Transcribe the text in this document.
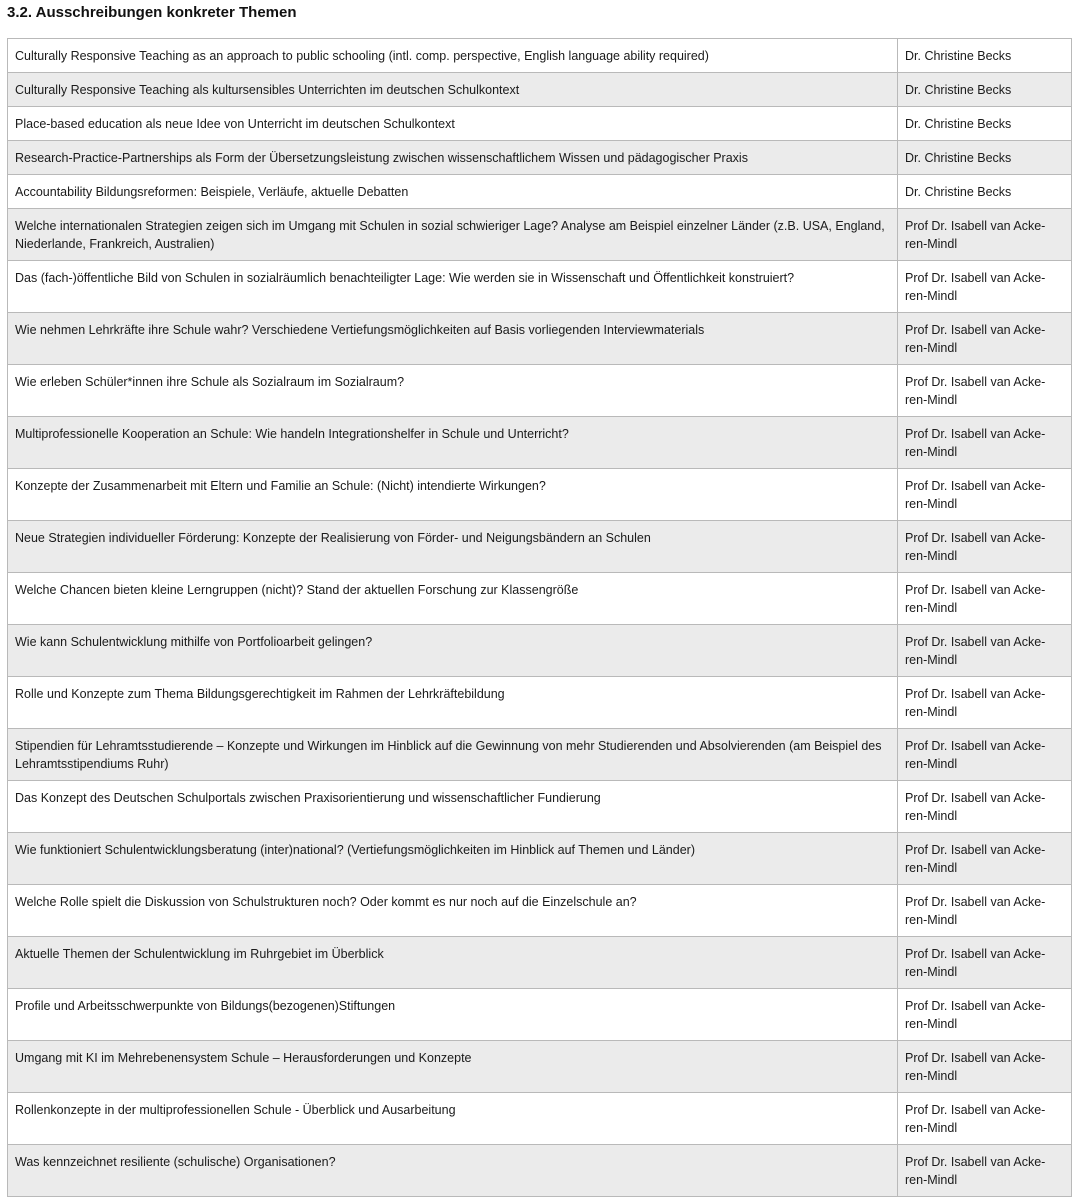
3.2. Ausschreibungen konkreter Themen
Culturally Responsive Teaching as an approach to public schooling (intl. comp. perspective, English language ability required)	Dr. Christine Becks
Culturally Responsive Teaching als kultursensibles Unterrichten im deutschen Schulkontext	Dr. Christine Becks
Place-based education als neue Idee von Unterricht im deutschen Schulkontext	Dr. Christine Becks
Research-Practice-Partnerships als Form der Übersetzungsleistung zwischen wissenschaftlichem Wissen und pädagogischer Praxis	Dr. Christine Becks
Accountability Bildungsreformen: Beispiele, Verläufe, aktuelle Debatten	Dr. Christine Becks
Welche internationalen Strategien zeigen sich im Umgang mit Schulen in sozial schwieriger Lage? Analyse am Beispiel einzelner Länder (z.B. USA, England, Niederlande, Frankreich, Australien)	Prof Dr. Isabell van Acke-ren-Mindl
Das (fach-)öffentliche Bild von Schulen in sozialräumlich benachteiligter Lage: Wie werden sie in Wissenschaft und Öffentlichkeit konstruiert?	Prof Dr. Isabell van Acke-ren-Mindl
Wie nehmen Lehrkräfte ihre Schule wahr? Verschiedene Vertiefungsmöglichkeiten auf Basis vorliegenden Interviewmaterials	Prof Dr. Isabell van Acke-ren-Mindl
Wie erleben Schüler*innen ihre Schule als Sozialraum im Sozialraum?	Prof Dr. Isabell van Acke-ren-Mindl
Multiprofessionelle Kooperation an Schule: Wie handeln Integrationshelfer in Schule und Unterricht?	Prof Dr. Isabell van Acke-ren-Mindl
Konzepte der Zusammenarbeit mit Eltern und Familie an Schule: (Nicht) intendierte Wirkungen?	Prof Dr. Isabell van Acke-ren-Mindl
Neue Strategien individueller Förderung: Konzepte der Realisierung von Förder- und Neigungsbändern an Schulen	Prof Dr. Isabell van Acke-ren-Mindl
Welche Chancen bieten kleine Lerngruppen (nicht)? Stand der aktuellen Forschung zur Klassengröße	Prof Dr. Isabell van Acke-ren-Mindl
Wie kann Schulentwicklung mithilfe von Portfolioarbeit gelingen?	Prof Dr. Isabell van Acke-ren-Mindl
Rolle und Konzepte zum Thema Bildungsgerechtigkeit im Rahmen der Lehrkräftebildung	Prof Dr. Isabell van Acke-ren-Mindl
Stipendien für Lehramtsstudierende – Konzepte und Wirkungen im Hinblick auf die Gewinnung von mehr Studierenden und Absolvierenden (am Beispiel des Lehramtsstipendiums Ruhr)	Prof Dr. Isabell van Acke-ren-Mindl
Das Konzept des Deutschen Schulportals zwischen Praxisorientierung und wissenschaftlicher Fundierung	Prof Dr. Isabell van Acke-ren-Mindl
Wie funktioniert Schulentwicklungsberatung (inter)national? (Vertiefungsmöglichkeiten im Hinblick auf Themen und Länder)	Prof Dr. Isabell van Acke-ren-Mindl
Welche Rolle spielt die Diskussion von Schulstrukturen noch? Oder kommt es nur noch auf die Einzelschule an?	Prof Dr. Isabell van Acke-ren-Mindl
Aktuelle Themen der Schulentwicklung im Ruhrgebiet im Überblick	Prof Dr. Isabell van Acke-ren-Mindl
Profile und Arbeitsschwerpunkte von Bildungs(bezogenen)Stiftungen	Prof Dr. Isabell van Acke-ren-Mindl
Umgang mit KI im Mehrebenensystem Schule – Herausforderungen und Konzepte	Prof Dr. Isabell van Acke-ren-Mindl
Rollenkonzepte in der multiprofessionellen Schule - Überblick und Ausarbeitung	Prof Dr. Isabell van Acke-ren-Mindl
Was kennzeichnet resiliente (schulische) Organisationen?	Prof Dr. Isabell van Acke-ren-Mindl
